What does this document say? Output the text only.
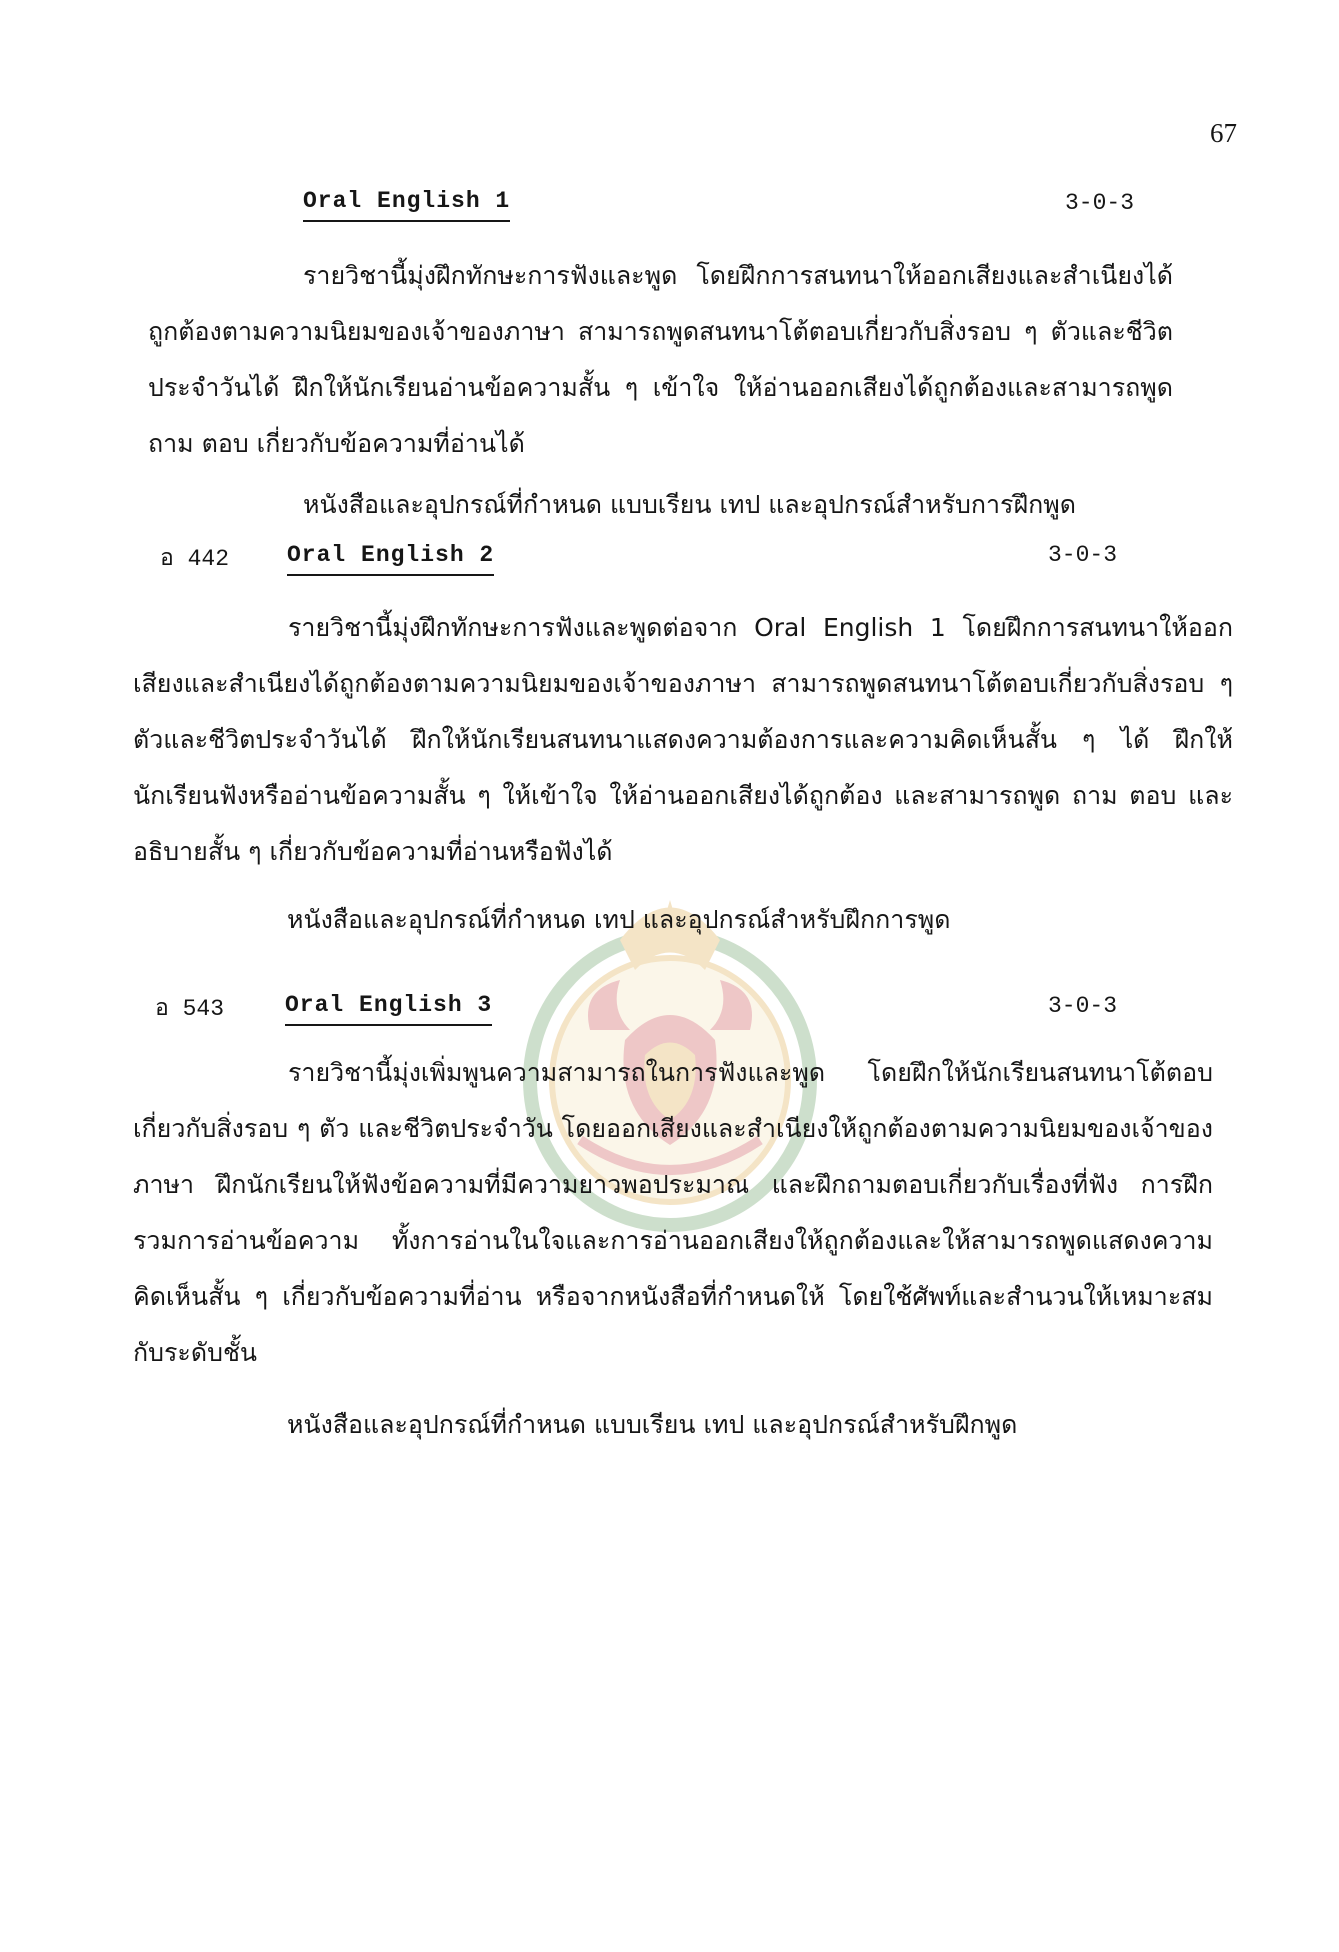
67
Oral English 1	3-0-3
รายวิชานี้มุ่งฝึกทักษะการฟังและพูด โดยฝึกการสนทนาให้ออกเสียงและสำเนียงได้ถูกต้องตามความนิยมของเจ้าของภาษา สามารถพูดสนทนาโต้ตอบเกี่ยวกับสิ่งรอบ ๆ ตัวและชีวิตประจำวันได้ ฝึกให้นักเรียนอ่านข้อความสั้น ๆ เข้าใจ ให้อ่านออกเสียงได้ถูกต้องและสามารถพูด ถาม ตอบ เกี่ยวกับข้อความที่อ่านได้
หนังสือและอุปกรณ์ที่กำหนด แบบเรียน เทป และอุปกรณ์สำหรับการฝึกพูด
อ 442	Oral English 2	3-0-3
รายวิชานี้มุ่งฝึกทักษะการฟังและพูดต่อจาก Oral English 1 โดยฝึกการสนทนาให้ออกเสียงและสำเนียงได้ถูกต้องตามความนิยมของเจ้าของภาษา สามารถพูดสนทนาโต้ตอบเกี่ยวกับสิ่งรอบ ๆ ตัวและชีวิตประจำวันได้ ฝึกให้นักเรียนสนทนาแสดงความต้องการและความคิดเห็นสั้น ๆ ได้ ฝึกให้นักเรียนฟังหรืออ่านข้อความสั้น ๆ ให้เข้าใจ ให้อ่านออกเสียงได้ถูกต้อง และสามารถพูด ถาม ตอบ และอธิบายสั้น ๆ เกี่ยวกับข้อความที่อ่านหรือฟังได้
หนังสือและอุปกรณ์ที่กำหนด เทป และอุปกรณ์สำหรับฝึกการพูด
อ 543	Oral English 3	3-0-3
รายวิชานี้มุ่งเพิ่มพูนความสามารถในการฟังและพูด โดยฝึกให้นักเรียนสนทนาโต้ตอบเกี่ยวกับสิ่งรอบ ๆ ตัว และชีวิตประจำวัน โดยออกเสียงและสำเนียงให้ถูกต้องตามความนิยมของเจ้าของภาษา ฝึกนักเรียนให้ฟังข้อความที่มีความยาวพอประมาณ และฝึกถามตอบเกี่ยวกับเรื่องที่ฟัง การฝึกรวมการอ่านข้อความ ทั้งการอ่านในใจและการอ่านออกเสียงให้ถูกต้องและให้สามารถพูดแสดงความคิดเห็นสั้น ๆ เกี่ยวกับข้อความที่อ่าน หรือจากหนังสือที่กำหนดให้ โดยใช้ศัพท์และสำนวนให้เหมาะสมกับระดับชั้น
หนังสือและอุปกรณ์ที่กำหนด แบบเรียน เทป และอุปกรณ์สำหรับฝึกพูด
